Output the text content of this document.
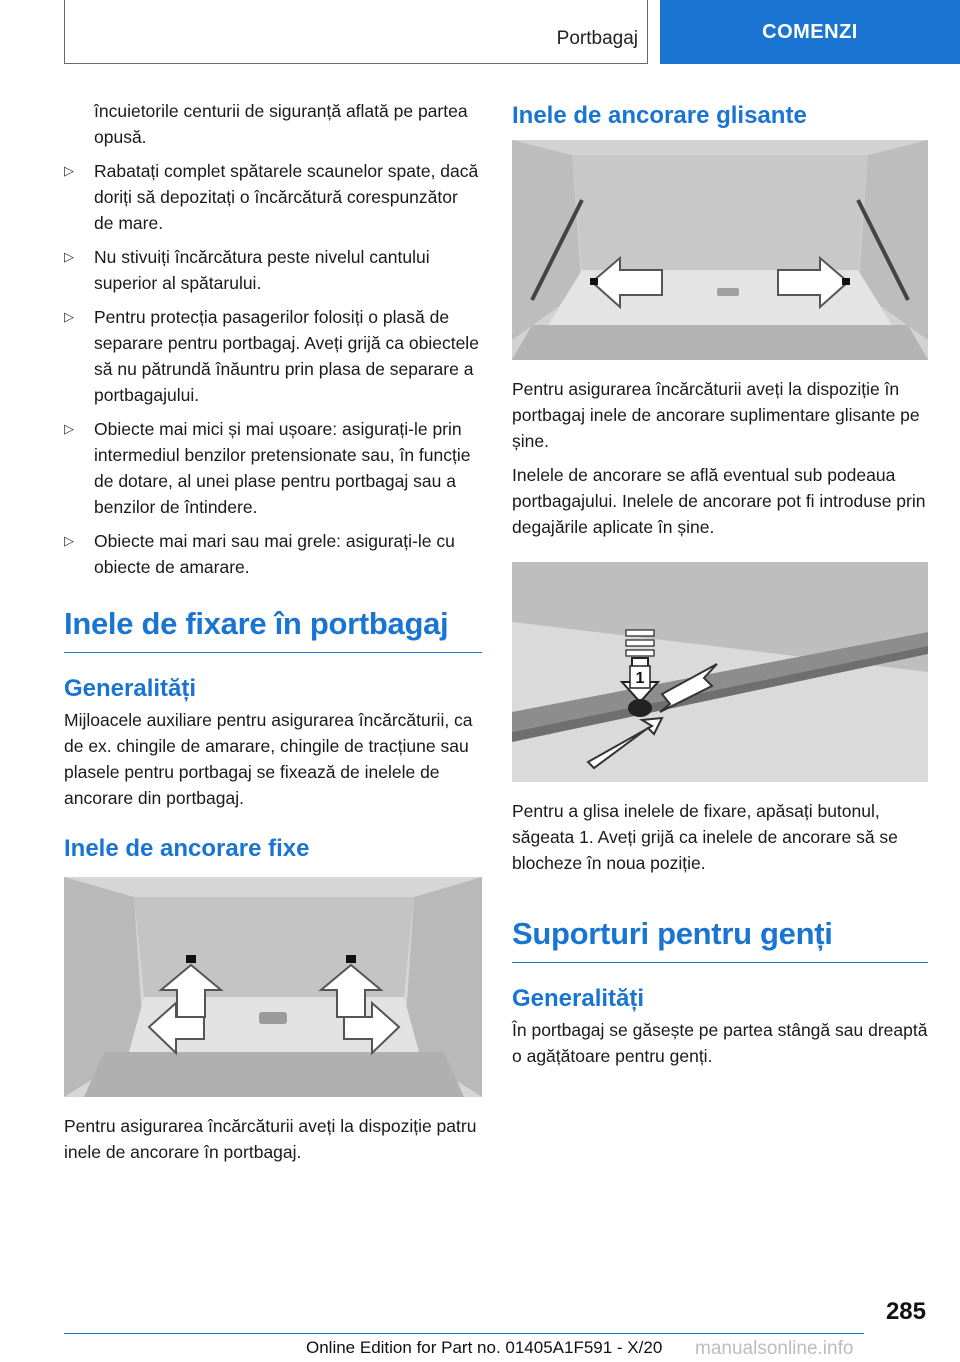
Portbagaj	COMENZI
încuietorile centurii de siguranță aflată pe partea opusă.
▷ Rabatați complet spătarele scaunelor spate, dacă doriți să depozitați o încărcătură corespunzător de mare.
▷ Nu stivuiți încărcătura peste nivelul cantului superior al spătarului.
▷ Pentru protecția pasagerilor folosiți o plasă de separare pentru portbagaj. Aveți grijă ca obiectele să nu pătrundă înăuntru prin plasa de separare a portbagajului.
▷ Obiecte mai mici și mai ușoare: asigurați-le prin intermediul benzilor pretensionate sau, în funcție de dotare, al unei plase pentru portbagaj sau a benzilor de întindere.
▷ Obiecte mai mari sau mai grele: asigurați-le cu obiecte de amarare.
Inele de fixare în portbagaj
Generalități
Mijloacele auxiliare pentru asigurarea încărcăturii, ca de ex. chingile de amarare, chingile de tracțiune sau plasele pentru portbagaj se fixează de inelele de ancorare din portbagaj.
Inele de ancorare fixe
Pentru asigurarea încărcăturii aveți la dispoziție patru inele de ancorare în portbagaj.
Inele de ancorare glisante
Pentru asigurarea încărcăturii aveți la dispoziție în portbagaj inele de ancorare suplimentare glisante pe șine.
Inelele de ancorare se află eventual sub podeaua portbagajului. Inelele de ancorare pot fi introduse prin degajările aplicate în șine.
1
Pentru a glisa inelele de fixare, apăsați butonul, săgeata 1. Aveți grijă ca inelele de ancorare să se blocheze în noua poziție.
Suporturi pentru genți
Generalități
În portbagaj se găsește pe partea stângă sau dreaptă o agățătoare pentru genți.
285
Online Edition for Part no. 01405A1F591 - X/20 manualsonline.info
